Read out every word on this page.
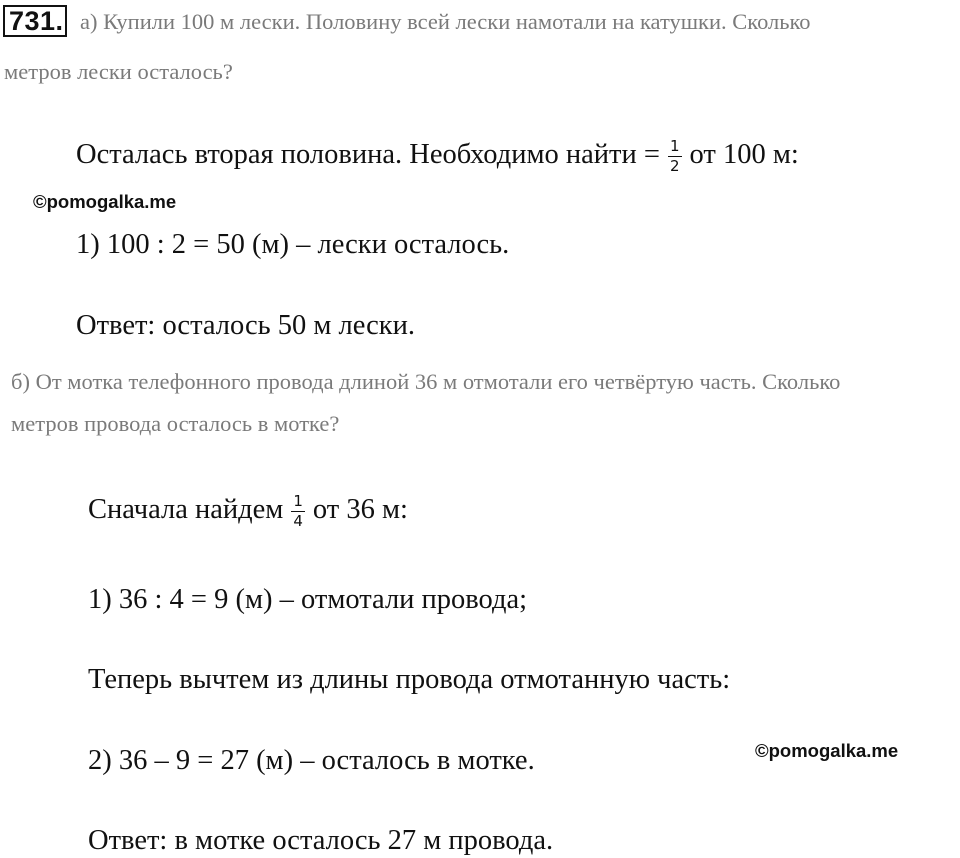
731. а) Купили 100 м лески. Половину всей лески намотали на катушки. Сколько
метров лески осталось?
Осталась вторая половина. Необходимо найти = $\frac{1}{2}$ от 100 м:
©pomogalka.me
1) 100 : 2 = 50 (м) – лески осталось.
Ответ: осталось 50 м лески.
б) От мотка телефонного провода длиной 36 м отмотали его четвёртую часть. Сколько
метров провода осталось в мотке?
Сначала найдем $\frac{1}{4}$ от 36 м:
1) 36 : 4 = 9 (м) – отмотали провода;
Теперь вычтем из длины провода отмотанную часть:
2) 36 – 9 = 27 (м) – осталось в мотке.	©pomogalka.me
Ответ: в мотке осталось 27 м провода.
